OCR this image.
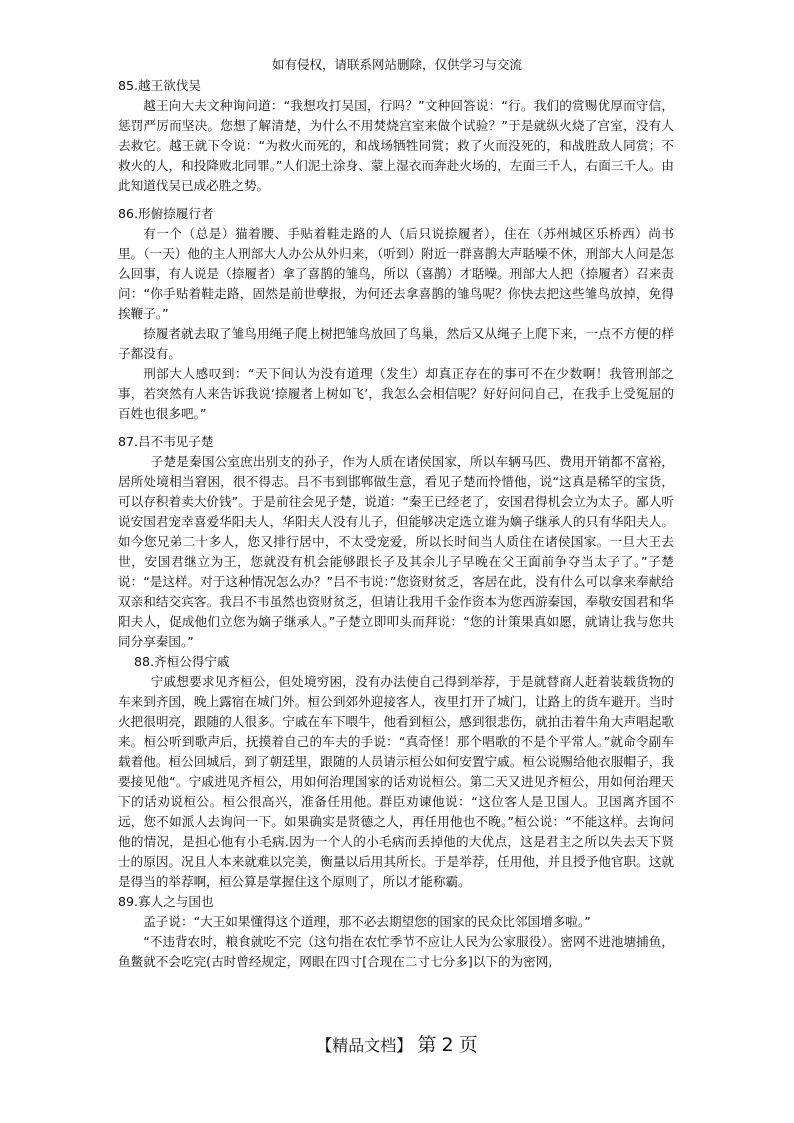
如有侵权，请联系网站删除，仅供学习与交流

85.越王欲伐吴

越王向大夫文种询问道：“我想攻打吴国，行吗？”文种回答说：“行。我们的赏赐优厚而守信，惩罚严厉而坚决。您想了解清楚，为什么不用焚烧宫室来做个试验？”于是就纵火烧了宫室，没有人去救它。越王就下令说：“为救火而死的，和战场牺牲同赏；救了火而没死的，和战胜敌人同赏；不救火的人，和投降败北同罪。”人们泥土涂身、蒙上湿衣而奔赴火场的，左面三千人，右面三千人。由此知道伐吴已成必胜之势。

86.形俯捺履行者

有一个（总是）猫着腰、手贴着鞋走路的人（后只说捺履者），住在（苏州城区乐桥西）尚书里。（一天）他的主人刑部大人办公从外归来，（听到）附近一群喜鹊大声聒噪不休，刑部大人问是怎么回事，有人说是（捺履者）拿了喜鹊的雏鸟，所以（喜鹊）才聒噪。刑部大人把（捺履者）召来责问：“你手贴着鞋走路，固然是前世孽报，为何还去拿喜鹊的雏鸟呢？你快去把这些雏鸟放掉，免得挨鞭子。”

捺履者就去取了雏鸟用绳子爬上树把雏鸟放回了鸟巢，然后又从绳子上爬下来，一点不方便的样子都没有。

刑部大人感叹到：“天下间认为没有道理（发生）却真正存在的事可不在少数啊！我管刑部之事，若突然有人来告诉我说‘捺履者上树如飞’，我怎么会相信呢？好好问问自己，在我手上受冤屈的百姓也很多吧。”

87.吕不韦见子楚

子楚是秦国公室庶出别支的孙子，作为人质在诸侯国家，所以车辆马匹、费用开销都不富裕，居所处境相当窘困，很不得志。吕不韦到邯郸做生意，看见子楚而怜惜他，说“这真是稀罕的宝货，可以存积着卖大价钱”。于是前往会见子楚，说道：“秦王已经老了，安国君得机会立为太子。鄙人听说安国君宠幸喜爱华阳夫人，华阳夫人没有儿子，但能够决定选立谁为嫡子继承人的只有华阳夫人。如今您兄弟二十多人，您又排行居中，不太受宠爱，所以长时间当人质住在诸侯国家。一旦大王去世，安国君继立为王，您就没有机会能够跟长子及其余儿子早晚在父王面前争夺当太子了。”子楚说：“是这样。对于这种情况怎么办？”吕不韦说：”您资财贫乏，客居在此，没有什么可以拿来奉献给双亲和结交宾客。我吕不韦虽然也资财贫乏，但请让我用千金作资本为您西游秦国，奉敬安国君和华阳夫人，促成他们立您为嫡子继承人。”子楚立即叩头而拜说：“您的计策果真如愿，就请让我与您共同分享秦国。”

88.齐桓公得宁戚

宁戚想要求见齐桓公，但处境穷困，没有办法使自己得到举荐，于是就替商人赶着装载货物的车来到齐国，晚上露宿在城门外。桓公到郊外迎接客人，夜里打开了城门，让路上的货车避开。当时火把很明亮，跟随的人很多。宁戚在车下喂牛，他看到桓公，感到很悲伤，就拍击着牛角大声唱起歌来。桓公听到歌声后，抚摸着自己的车夫的手说：“真奇怪！那个唱歌的不是个平常人。”就命令副车载着他。桓公回城后，到了朝廷里，跟随的人员请示桓公如何安置宁戚。桓公说赐给他衣服帽子，我要接见他“。宁戚进见齐桓公，用如何治理国家的话劝说桓公。第二天又进见齐桓公，用如何治理天下的话劝说桓公。桓公很高兴，准备任用他。群臣劝谏他说：“这位客人是卫国人。卫国离齐国不远，您不如派人去询问一下。如果确实是贤德之人，再任用他也不晚。”桓公说：“不能这样。去询问他的情况，是担心他有小毛病.因为一个人的小毛病而丢掉他的大优点，这是君主之所以失去天下贤士的原因。况且人本来就难以完美，衡量以后用其所长。于是举荐，任用他，并且授予他官职。这就是得当的举荐啊，桓公算是掌握住这个原则了，所以才能称霸。

89.寡人之与国也

孟子说：“大王如果懂得这个道理，那不必去期望您的国家的民众比邻国增多啦。”

“不违背农时，粮食就吃不完（这句指在农忙季节不应让人民为公家服役）。密网不进池塘捕鱼，鱼鳖就不会吃完(古时曾经规定，网眼在四寸[合现在二寸七分多]以下的为密网,

【精品文档】 第 2 页
